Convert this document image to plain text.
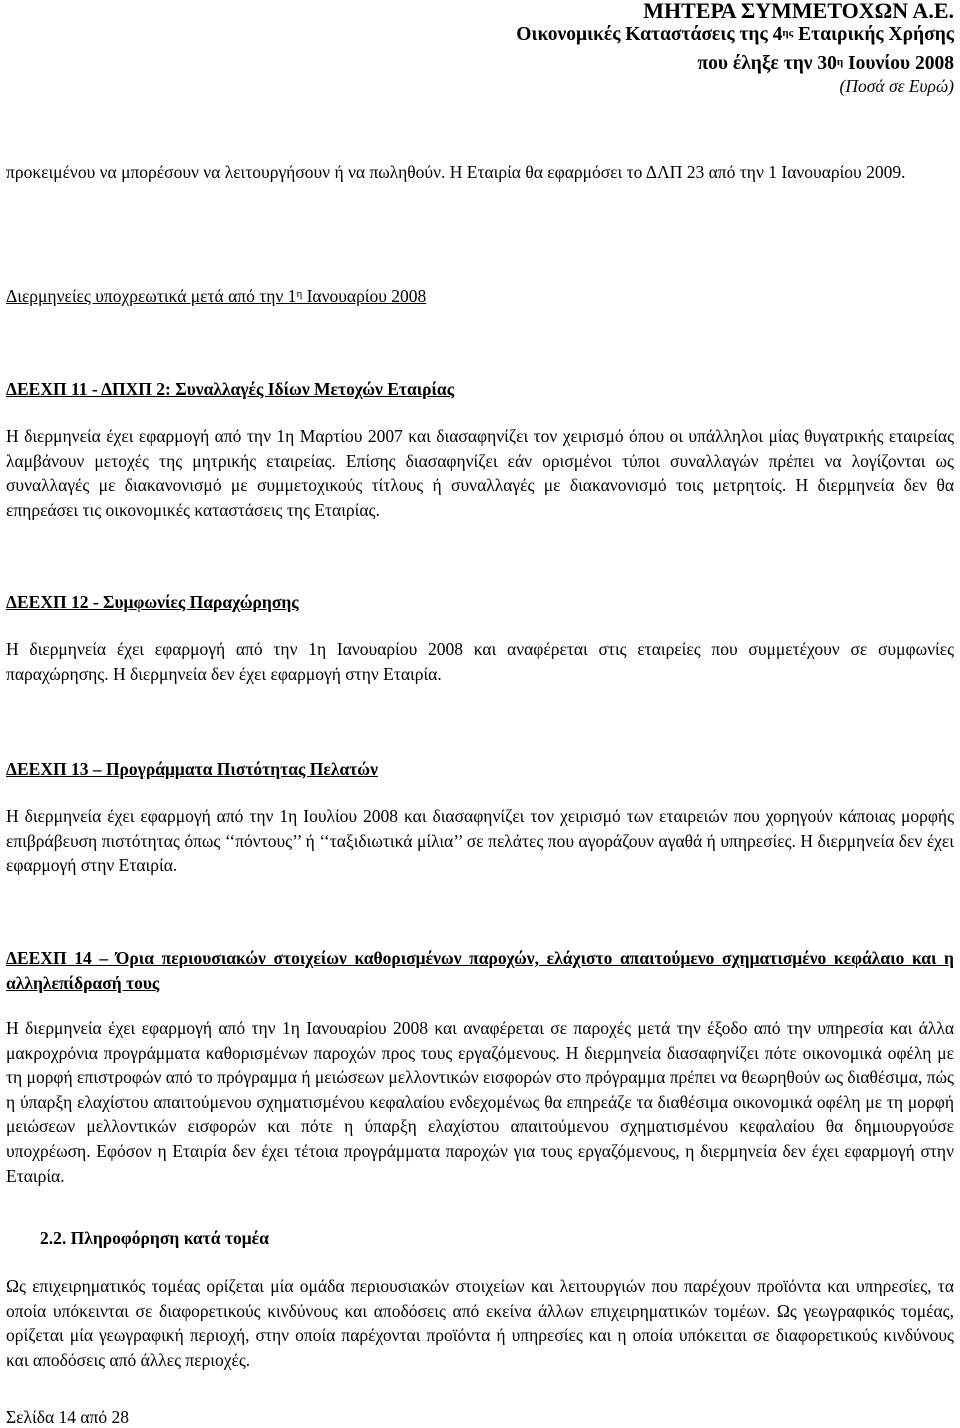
ΜΗΤΕΡΑ ΣΥΜΜΕΤΟΧΩΝ Α.Ε.
Οικονομικές Καταστάσεις της $4^{\eta\varsigma}$ Εταιρικής Χρήσης
που έληξε την $30^\eta$ Ιουνίου 2008
(Ποσά σε Ευρώ)

προκειμένου να μπορέσουν να λειτουργήσουν ή να πωληθούν. Η Εταιρία θα εφαρμόσει το ΔΛΠ 23 από την 1 Ιανουαρίου 2009.

Διερμηνείες υποχρεωτικά μετά από την $1^\eta$ Ιανουαρίου 2008

ΔΕΕΧΠ 11 - ΔΠΧΠ 2: Συναλλαγές Ιδίων Μετοχών Εταιρίας

Η διερμηνεία έχει εφαρμογή από την 1η Μαρτίου 2007 και διασαφηνίζει τον χειρισμό όπου οι υπάλληλοι μίας θυγατρικής εταιρείας λαμβάνουν μετοχές της μητρικής εταιρείας. Επίσης διασαφηνίζει εάν ορισμένοι τύποι συναλλαγών πρέπει να λογίζονται ως συναλλαγές με διακανονισμό με συμμετοχικούς τίτλους ή συναλλαγές με διακανονισμό τοις μετρητοίς. Η διερμηνεία δεν θα επηρεάσει τις οικονομικές καταστάσεις της Εταιρίας.

ΔΕΕΧΠ 12 - Συμφωνίες Παραχώρησης

Η διερμηνεία έχει εφαρμογή από την 1η Ιανουαρίου 2008 και αναφέρεται στις εταιρείες που συμμετέχουν σε συμφωνίες παραχώρησης. Η διερμηνεία δεν έχει εφαρμογή στην Εταιρία.

ΔΕΕΧΠ 13 – Προγράμματα Πιστότητας Πελατών

Η διερμηνεία έχει εφαρμογή από την 1η Ιουλίου 2008 και διασαφηνίζει τον χειρισμό των εταιρειών που χορηγούν κάποιας μορφής επιβράβευση πιστότητας όπως ‘‘πόντους’’ ή ‘‘ταξιδιωτικά μίλια’’ σε πελάτες που αγοράζουν αγαθά ή υπηρεσίες. Η διερμηνεία δεν έχει εφαρμογή στην Εταιρία.

ΔΕΕΧΠ 14 – Όρια περιουσιακών στοιχείων καθορισμένων παροχών, ελάχιστο απαιτούμενο σχηματισμένο κεφάλαιο και η αλληλεπίδρασή τους

Η διερμηνεία έχει εφαρμογή από την 1η Ιανουαρίου 2008 και αναφέρεται σε παροχές μετά την έξοδο από την υπηρεσία και άλλα μακροχρόνια προγράμματα καθορισμένων παροχών προς τους εργαζόμενους. Η διερμηνεία διασαφηνίζει πότε οικονομικά οφέλη με τη μορφή επιστροφών από το πρόγραμμα ή μειώσεων μελλοντικών εισφορών στο πρόγραμμα πρέπει να θεωρηθούν ως διαθέσιμα, πώς η ύπαρξη ελαχίστου απαιτούμενου σχηματισμένου κεφαλαίου ενδεχομένως θα επηρεάζε τα διαθέσιμα οικονομικά οφέλη με τη μορφή μειώσεων μελλοντικών εισφορών και πότε η ύπαρξη ελαχίστου απαιτούμενου σχηματισμένου κεφαλαίου θα δημιουργούσε υποχρέωση. Εφόσον η Εταιρία δεν έχει τέτοια προγράμματα παροχών για τους εργαζόμενους, η διερμηνεία δεν έχει εφαρμογή στην Εταιρία.

2.2. Πληροφόρηση κατά τομέα

Ως επιχειρηματικός τομέας ορίζεται μία ομάδα περιουσιακών στοιχείων και λειτουργιών που παρέχουν προϊόντα και υπηρεσίες, τα οποία υπόκεινται σε διαφορετικούς κινδύνους και αποδόσεις από εκείνα άλλων επιχειρηματικών τομέων. Ως γεωγραφικός τομέας, ορίζεται μία γεωγραφική περιοχή, στην οποία παρέχονται προϊόντα ή υπηρεσίες και η οποία υπόκειται σε διαφορετικούς κινδύνους και αποδόσεις από άλλες περιοχές.

Σελίδα 14 από 28
